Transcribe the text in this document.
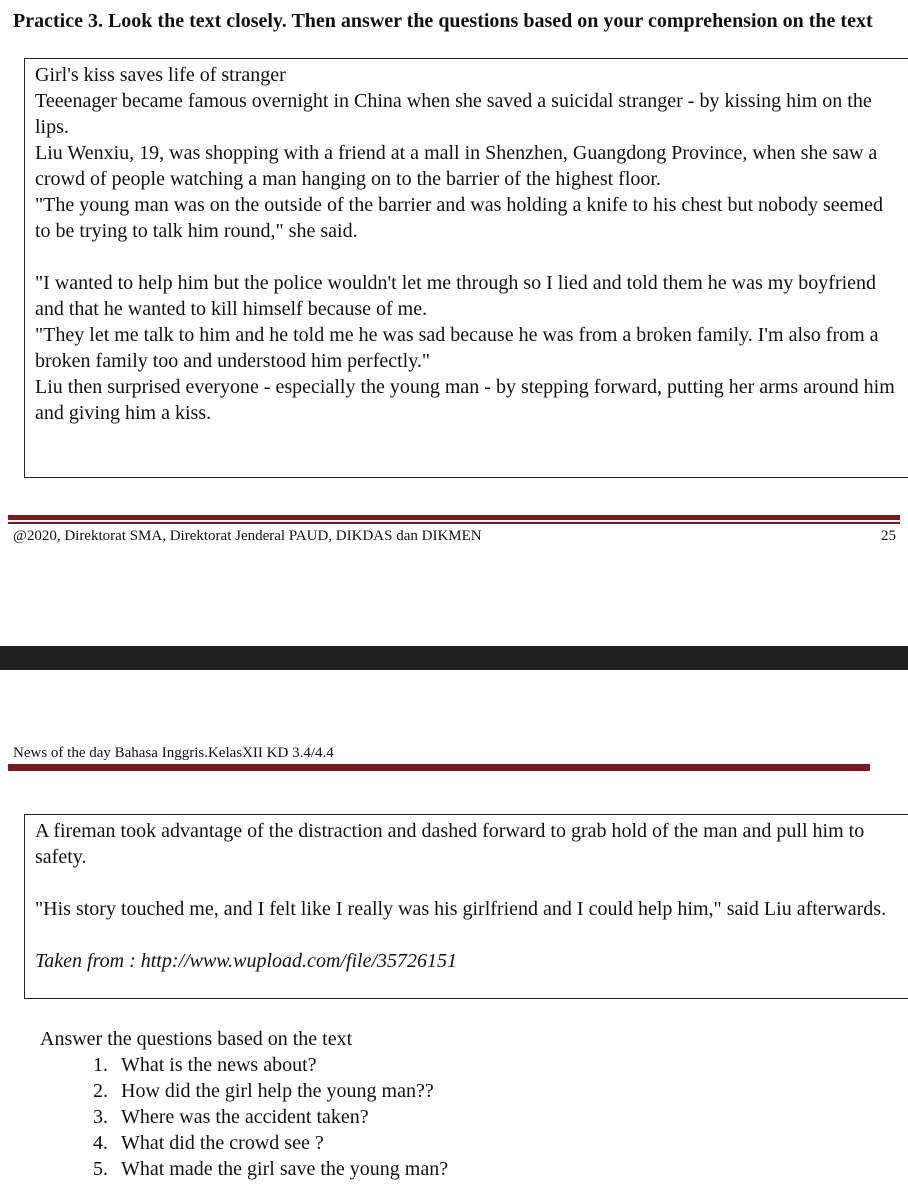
Practice 3. Look the text closely. Then answer the questions based on your comprehension on the text

Girl's kiss saves life of stranger

Teeenager became famous overnight in China when she saved a suicidal stranger - by kissing him on the lips.

Liu Wenxiu, 19, was shopping with a friend at a mall in Shenzhen, Guangdong Province, when she saw a crowd of people watching a man hanging on to the barrier of the highest floor.

"The young man was on the outside of the barrier and was holding a knife to his chest but nobody seemed to be trying to talk him round," she said.

"I wanted to help him but the police wouldn't let me through so I lied and told them he was my boyfriend and that he wanted to kill himself because of me.

"They let me talk to him and he told me he was sad because he was from a broken family. I'm also from a broken family too and understood him perfectly."

Liu then surprised everyone - especially the young man - by stepping forward, putting her arms around him and giving him a kiss.

@2020, Direktorat SMA, Direktorat Jenderal PAUD, DIKDAS dan DIKMEN	25
News of the day Bahasa Inggris.KelasXII KD 3.4/4.4

A fireman took advantage of the distraction and dashed forward to grab hold of the man and pull him to safety.

"His story touched me, and I felt like I really was his girlfriend and I could help him," said Liu afterwards.

Taken from : http://www.wupload.com/file/35726151

Answer the questions based on the text

1. What is the news about?
2. How did the girl help the young man??
3. Where was the accident taken?
4. What did the crowd see ?
5. What made the girl save the young man?
